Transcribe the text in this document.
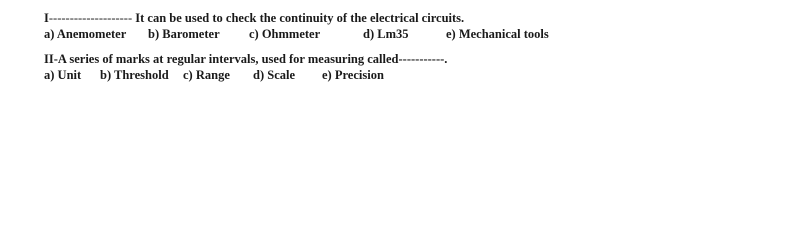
I-------------------- It can be used to check the continuity of the electrical circuits.
a) Anemometer b) Barometer c) Ohmmeter	d) Lm35	e) Mechanical tools
II-A series of marks at regular intervals, used for measuring called-----------.
a) Unit b) Threshold c) Range d) Scale e) Precision
